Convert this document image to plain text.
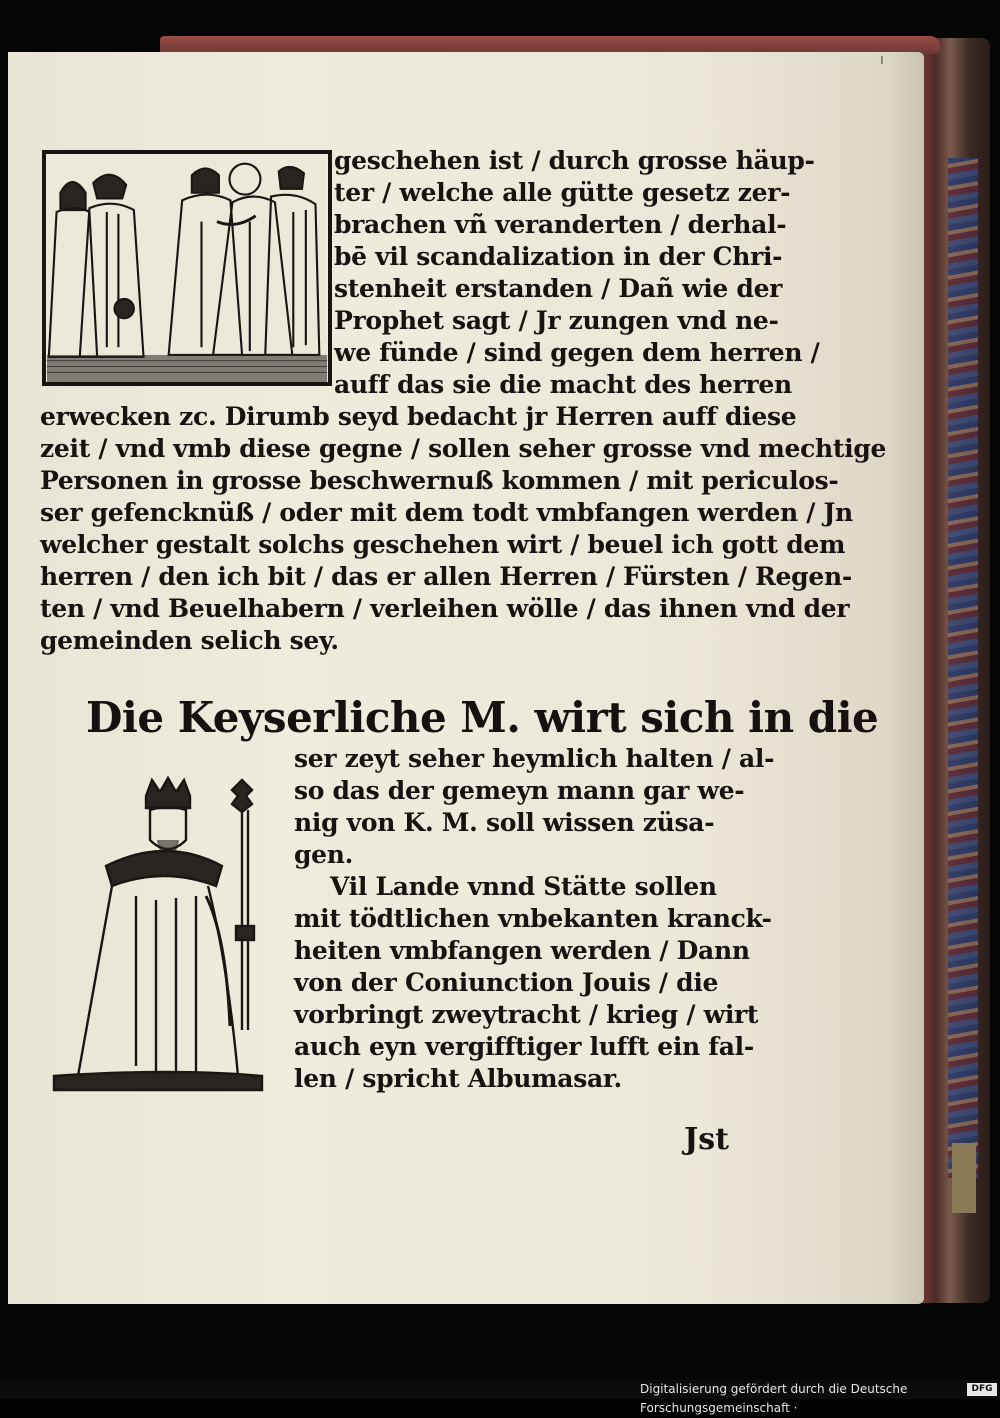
ı
geschehen ist / durch grosse häup-
ter / welche alle gütte gesetz zer-
brachen vñ veranderten / derhal-
bē vil scandalization in der Chri-
stenheit erstanden / Dañ wie der
Prophet sagt / Jr zungen vnd ne-
we fünde / sind gegen dem herren /
auff das sie die macht des herren
erwecken zc. Dirumb seyd bedacht jr Herren auff diese
zeit / vnd vmb diese gegne / sollen seher grosse vnd mechtige
Personen in grosse beschwernuß kommen / mit periculos-
ser gefencknüß / oder mit dem todt vmbfangen werden / Jn
welcher gestalt solchs geschehen wirt / beuel ich gott dem
herren / den ich bit / das er allen Herren / Fürsten / Regen-
ten / vnd Beuelhabern / verleihen wölle / das ihnen vnd der
gemeinden selich sey.
Die Keyserliche M. wirt sich in die
ser zeyt seher heymlich halten / al-
so das der gemeyn mann gar we-
nig von K. M. soll wissen züsa-
gen.
Vil Lande vnnd Stätte sollen
mit tödtlichen vnbekanten kranck-
heiten vmbfangen werden / Dann
von der Coniunction Jouis / die
vorbringt zweytracht / krieg / wirt
auch eyn vergifftiger lufft ein fal-
len / spricht Albumasar.
Jst
Digitalisierung gefördert durch die Deutsche Forschungsgemeinschaft ·
DFG
